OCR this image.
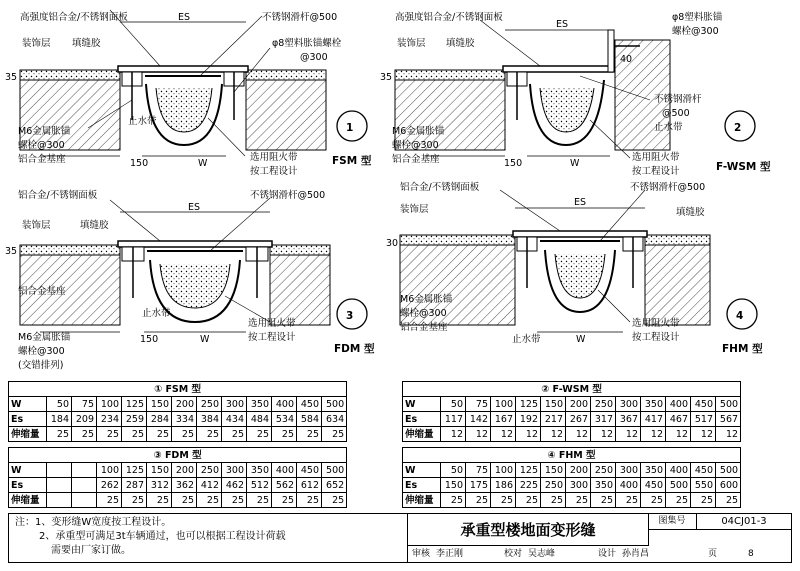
高强度铝合金/不锈钢面板	不锈钢滑杆@500
装饰层 填缝胶
ES
φ8塑料胀锚螺栓
@300
35
M6金属胀锚
螺栓@300
铝合金基座
止水带
150	W
选用阻火带
按工程设计
1
FSM 型
高强度铝合金/不锈钢面板
ES
φ8塑料胀锚
螺栓@300
装饰层 填缝胶
40
35
不锈钢滑杆
@500
止水带
M6金属胀锚
螺栓@300
铝合金基座	150	W
选用阻火带
按工程设计
2
F-WSM 型
铝合金/不锈钢面板	不锈钢滑杆@500
ES
装饰层	填缝胶
35
铝合金基座
M6金属胀锚
螺栓@300
(交错排列)
止水带
150	W
选用阻火带
按工程设计
3
FDM 型
铝合金/不锈钢面板	不锈钢滑杆@500
ES
装饰层	填缝胶
30
M6金属胀锚
螺栓@300
铝合金基座
止水带	W
选用阻火带
按工程设计
4
FHM 型
① FSM 型												
W	50	75	100	125	150	200	250	300	350	400	450	500
Es	184	209	234	259	284	334	384	434	484	534	584	634
伸缩量	25	25	25	25	25	25	25	25	25	25	25	25
② F-WSM 型												
W	50	75	100	125	150	200	250	300	350	400	450	500
Es	117	142	167	192	217	267	317	367	417	467	517	567
伸缩量	12	12	12	12	12	12	12	12	12	12	12	12
③ FDM 型												
W			100	125	150	200	250	300	350	400	450	500
Es			262	287	312	362	412	462	512	562	612	652
伸缩量			25	25	25	25	25	25	25	25	25	25
④ FHM 型												
W	50	75	100	125	150	200	250	300	350	400	450	500
Es	150	175	186	225	250	300	350	400	450	500	550	600
伸缩量	25	25	25	25	25	25	25	25	25	25	25	25
注：1、变形缝W宽度按工程设计。
2、承重型可满足3t车辆通过，也可以根据工程设计荷载
需要由厂家订做。
承重型楼地面变形缝	图集号	04CJ01-3
审核 李正刚	校对 吴志峰	设计 孙肖昌	页	8
